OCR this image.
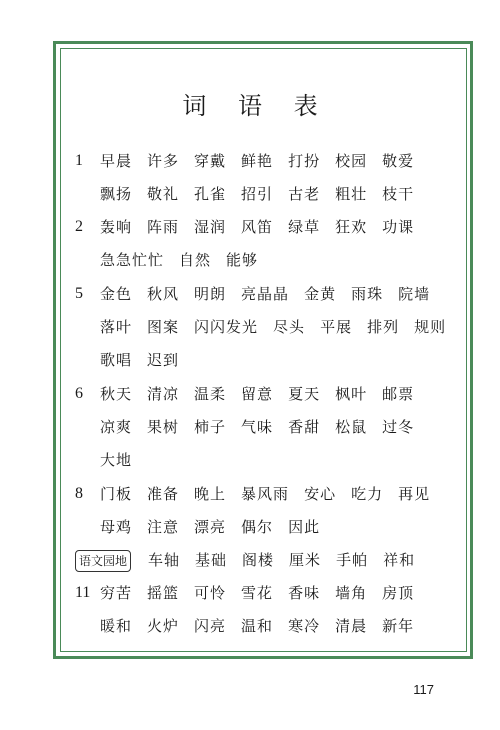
词 语 表
1	早晨 许多 穿戴 鲜艳 打扮 校园 敬爱
飘扬 敬礼 孔雀 招引 古老 粗壮 枝干
2	轰响 阵雨 湿润 风笛 绿草 狂欢 功课
急急忙忙 自然 能够
5	金色 秋风 明朗 亮晶晶 金黄 雨珠 院墙
落叶 图案 闪闪发光 尽头 平展 排列 规则
歌唱 迟到
6	秋天 清凉 温柔 留意 夏天 枫叶 邮票
凉爽 果树 柿子 气味 香甜 松鼠 过冬
大地
8	门板 准备 晚上 暴风雨 安心 吃力 再见
母鸡 注意 漂亮 偶尔 因此
语文园地 车轴 基础 阁楼 厘米 手帕 祥和
11 穷苦 摇篮 可怜 雪花 香味 墙角 房顶
暖和 火炉 闪亮 温和 寒冷 清晨 新年
117
